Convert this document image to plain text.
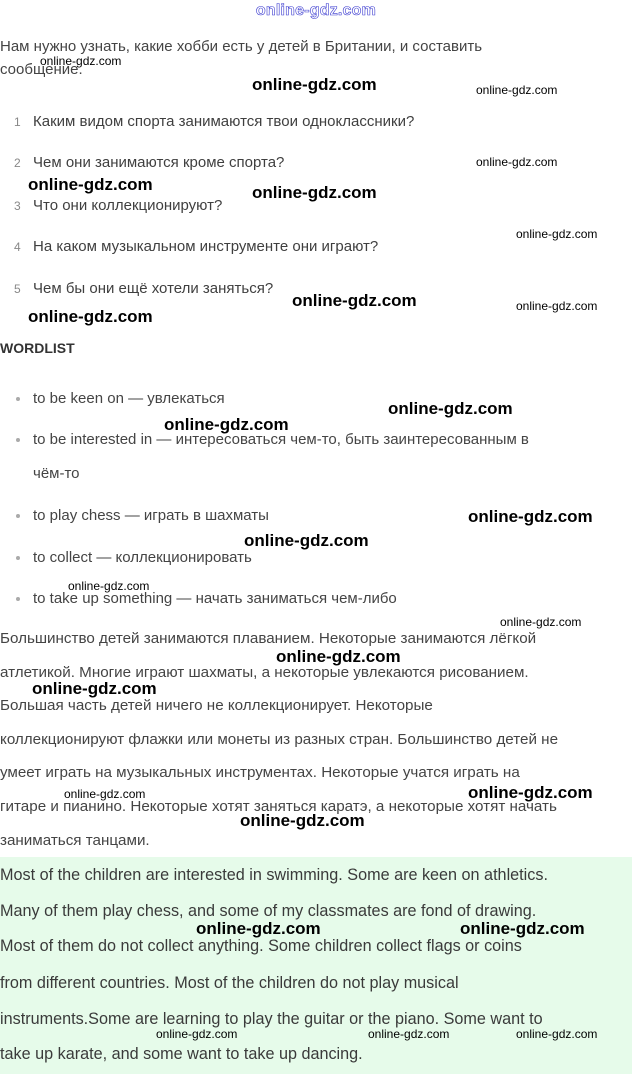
online-gdz.com
Нам нужно узнать, какие хобби есть у детей в Британии, и составить
сообщение.
1 Каким видом спорта занимаются твои одноклассники?
2 Чем они занимаются кроме спорта?
3 Что они коллекционируют?
4 На каком музыкальном инструменте они играют?
5 Чем бы они ещё хотели заняться?
WORDLIST
to be keen on — увлекаться
to be interested in — интересоваться чем-то, быть заинтересованным в
чём-то
to play chess — играть в шахматы
to collect — коллекционировать
to take up something — начать заниматься чем-либо
Большинство детей занимаются плаванием. Некоторые занимаются лёгкой
атлетикой. Многие играют шахматы, а некоторые увлекаются рисованием.
Большая часть детей ничего не коллекционирует. Некоторые
коллекционируют флажки или монеты из разных стран. Большинство детей не
умеет играть на музыкальных инструментах. Некоторые учатся играть на
гитаре и пианино. Некоторые хотят заняться каратэ, а некоторые хотят начать
заниматься танцами.
Most of the children are interested in swimming. Some are keen on athletics.
Many of them play chess, and some of my classmates are fond of drawing.
Most of them do not collect anything. Some children collect flags or coins
from different countries. Most of the children do not play musical
instruments.Some are learning to play the guitar or the piano. Some want to
take up karate, and some want to take up dancing.
online-gdz.com
online-gdz.com	online-gdz.com
online-gdz.com
online-gdz.com	online-gdz.com
online-gdz.com
online-gdz.com	online-gdz.com
online-gdz.com
online-gdz.com
online-gdz.com
online-gdz.com
online-gdz.com
online-gdz.com
online-gdz.com
online-gdz.com
online-gdz.com
online-gdz.com	online-gdz.com
online-gdz.com
online-gdz.com	online-gdz.com
online-gdz.com	online-gdz.com	online-gdz.com
